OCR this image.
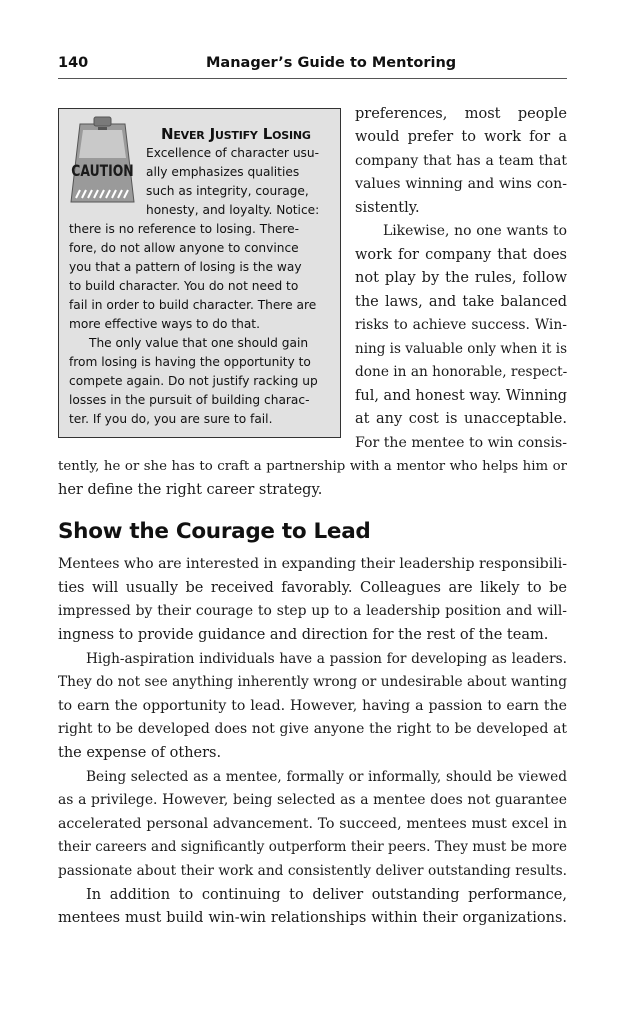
140	Manager’s Guide to Mentoring
CAUTION
Never Justify Losing
Excellence of character usu-
ally emphasizes qualities
such as integrity, courage,
honesty, and loyalty. Notice:
there is no reference to losing. There-
fore, do not allow anyone to convince
you that a pattern of losing is the way
to build character. You do not need to
fail in order to build character. There are
more effective ways to do that.
The only value that one should gain
from losing is having the opportunity to
compete again. Do not justify racking up
losses in the pursuit of building charac-
ter. If you do, you are sure to fail.
preferences, most people
would prefer to work for a
company that has a team that
values winning and wins con-
sistently.
Likewise, no one wants to
work for company that does
not play by the rules, follow
the laws, and take balanced
risks to achieve success. Win-
ning is valuable only when it is
done in an honorable, respect-
ful, and honest way. Winning
at any cost is unacceptable.
For the mentee to win consis-
tently, he or she has to craft a partnership with a mentor who helps him or
her define the right career strategy.
Show the Courage to Lead
Mentees who are interested in expanding their leadership responsibili-
ties will usually be received favorably. Colleagues are likely to be
impressed by their courage to step up to a leadership position and will-
ingness to provide guidance and direction for the rest of the team.
High-aspiration individuals have a passion for developing as leaders.
They do not see anything inherently wrong or undesirable about wanting
to earn the opportunity to lead. However, having a passion to earn the
right to be developed does not give anyone the right to be developed at
the expense of others.
Being selected as a mentee, formally or informally, should be viewed
as a privilege. However, being selected as a mentee does not guarantee
accelerated personal advancement. To succeed, mentees must excel in
their careers and significantly outperform their peers. They must be more
passionate about their work and consistently deliver outstanding results.
In addition to continuing to deliver outstanding performance,
mentees must build win-win relationships within their organizations.
